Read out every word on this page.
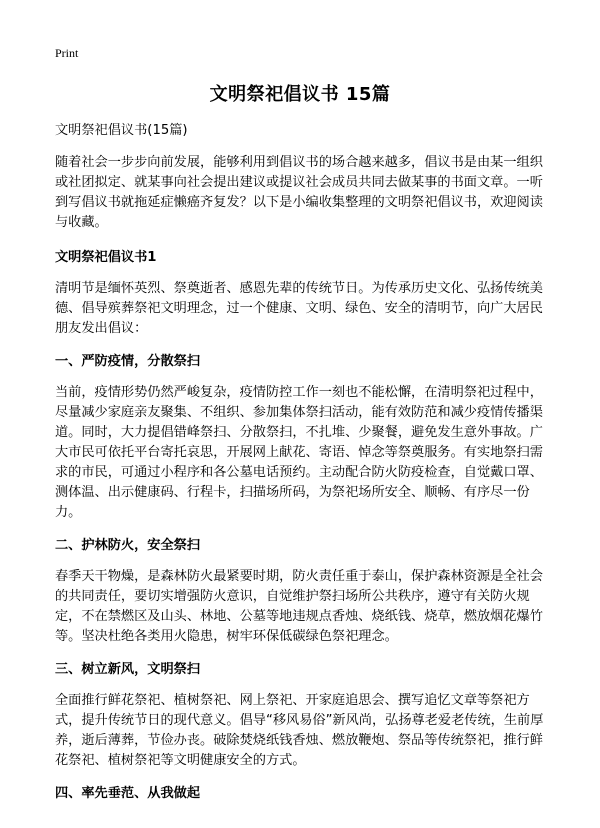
Print
文明祭祀倡议书 15篇

文明祭祀倡议书(15篇)

随着社会一步步向前发展，能够利用到倡议书的场合越来越多，倡议书是由某一组织或社团拟定、就某事向社会提出建议或提议社会成员共同去做某事的书面文章。一听到写倡议书就拖延症懒癌齐复发？以下是小编收集整理的文明祭祀倡议书，欢迎阅读与收藏。

文明祭祀倡议书1

清明节是缅怀英烈、祭奠逝者、感恩先辈的传统节日。为传承历史文化、弘扬传统美德、倡导殡葬祭祀文明理念，过一个健康、文明、绿色、安全的清明节，向广大居民朋友发出倡议：

一、严防疫情，分散祭扫

当前，疫情形势仍然严峻复杂，疫情防控工作一刻也不能松懈，在清明祭祀过程中，尽量减少家庭亲友聚集、不组织、参加集体祭扫活动，能有效防范和减少疫情传播渠道。同时，大力提倡错峰祭扫、分散祭扫，不扎堆、少聚餐，避免发生意外事故。广大市民可依托平台寄托哀思，开展网上献花、寄语、悼念等祭奠服务。有实地祭扫需求的市民，可通过小程序和各公墓电话预约。主动配合防火防疫检查，自觉戴口罩、测体温、出示健康码、行程卡，扫描场所码，为祭祀场所安全、顺畅、有序尽一份力。

二、护林防火，安全祭扫

春季天干物燥，是森林防火最紧要时期，防火责任重于泰山，保护森林资源是全社会的共同责任，要切实增强防火意识，自觉维护祭扫场所公共秩序，遵守有关防火规定，不在禁燃区及山头、林地、公墓等地违规点香烛、烧纸钱、烧草，燃放烟花爆竹等。坚决杜绝各类用火隐患，树牢环保低碳绿色祭祀理念。

三、树立新风，文明祭扫

全面推行鲜花祭祀、植树祭祀、网上祭祀、开家庭追思会、撰写追忆文章等祭祀方式，提升传统节日的现代意义。倡导“移风易俗”新风尚，弘扬尊老爱老传统，生前厚养，逝后薄葬，节俭办丧。破除焚烧纸钱香烛、燃放鞭炮、祭品等传统祭祀，推行鲜花祭祀、植树祭祀等文明健康安全的方式。

四、率先垂范、从我做起
